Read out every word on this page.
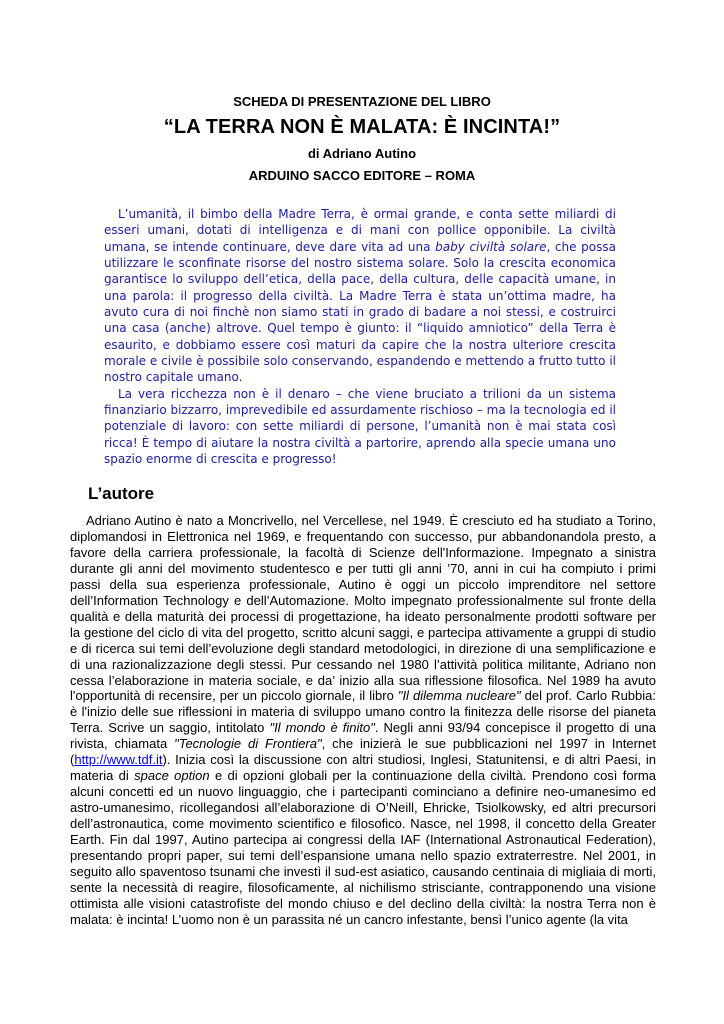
SCHEDA DI PRESENTAZIONE DEL LIBRO
“LA TERRA NON È MALATA: È INCINTA!”
di Adriano Autino
ARDUINO SACCO EDITORE – ROMA

L’umanità, il bimbo della Madre Terra, è ormai grande, e conta sette miliardi di esseri umani, dotati di intelligenza e di mani con pollice opponibile. La civiltà umana, se intende continuare, deve dare vita ad una baby civiltà solare, che possa utilizzare le sconfinate risorse del nostro sistema solare. Solo la crescita economica garantisce lo sviluppo dell’etica, della pace, della cultura, delle capacità umane, in una parola: il progresso della civiltà. La Madre Terra è stata un’ottima madre, ha avuto cura di noi finchè non siamo stati in grado di badare a noi stessi, e costruirci una casa (anche) altrove. Quel tempo è giunto: il “liquido amniotico” della Terra è esaurito, e dobbiamo essere così maturi da capire che la nostra ulteriore crescita morale e civile è possibile solo conservando, espandendo e mettendo a frutto tutto il nostro capitale umano.

La vera ricchezza non è il denaro – che viene bruciato a trilioni da un sistema finanziario bizzarro, imprevedibile ed assurdamente rischioso – ma la tecnologia ed il potenziale di lavoro: con sette miliardi di persone, l’umanità non è mai stata così ricca! È tempo di aiutare la nostra civiltà a partorire, aprendo alla specie umana uno spazio enorme di crescita e progresso!

L’autore

Adriano Autino è nato a Moncrivello, nel Vercellese, nel 1949. È cresciuto ed ha studiato a Torino, diplomandosi in Elettronica nel 1969, e frequentando con successo, pur abbandonandola presto, a favore della carriera professionale, la facoltà di Scienze dell'Informazione. Impegnato a sinistra durante gli anni del movimento studentesco e per tutti gli anni ’70, anni in cui ha compiuto i primi passi della sua esperienza professionale, Autino è oggi un piccolo imprenditore nel settore dell’Information Technology e dell’Automazione. Molto impegnato professionalmente sul fronte della qualità e della maturità dei processi di progettazione, ha ideato personalmente prodotti software per la gestione del ciclo di vita del progetto, scritto alcuni saggi, e partecipa attivamente a gruppi di studio e di ricerca sui temi dell’evoluzione degli standard metodologici, in direzione di una semplificazione e di una razionalizzazione degli stessi. Pur cessando nel 1980 l’attività politica militante, Adriano non cessa l’elaborazione in materia sociale, e da’ inizio alla sua riflessione filosofica. Nel 1989 ha avuto l'opportunità di recensire, per un piccolo giornale, il libro "Il dilemma nucleare" del prof. Carlo Rubbia: è l'inizio delle sue riflessioni in materia di sviluppo umano contro la finitezza delle risorse del pianeta Terra. Scrive un saggio, intitolato "Il mondo è finito". Negli anni 93/94 concepisce il progetto di una rivista, chiamata "Tecnologie di Frontiera", che inizierà le sue pubblicazioni nel 1997 in Internet (http://www.tdf.it). Inizia così la discussione con altri studiosi, Inglesi, Statunitensi, e di altri Paesi, in materia di space option e di opzioni globali per la continuazione della civiltà. Prendono così forma alcuni concetti ed un nuovo linguaggio, che i partecipanti cominciano a definire neo-umanesimo ed astro-umanesimo, ricollegandosi all’elaborazione di O’Neill, Ehricke, Tsiolkowsky, ed altri precursori dell’astronautica, come movimento scientifico e filosofico. Nasce, nel 1998, il concetto della Greater Earth. Fin dal 1997, Autino partecipa ai congressi della IAF (International Astronautical Federation), presentando propri paper, sui temi dell’espansione umana nello spazio extraterrestre. Nel 2001, in seguito allo spaventoso tsunami che investì il sud-est asiatico, causando centinaia di migliaia di morti, sente la necessità di reagire, filosoficamente, al nichilismo strisciante, contrapponendo una visione ottimista alle visioni catastrofiste del mondo chiuso e del declino della civiltà: la nostra Terra non è malata: è incinta! L’uomo non è un parassita né un cancro infestante, bensì l’unico agente (la vita
